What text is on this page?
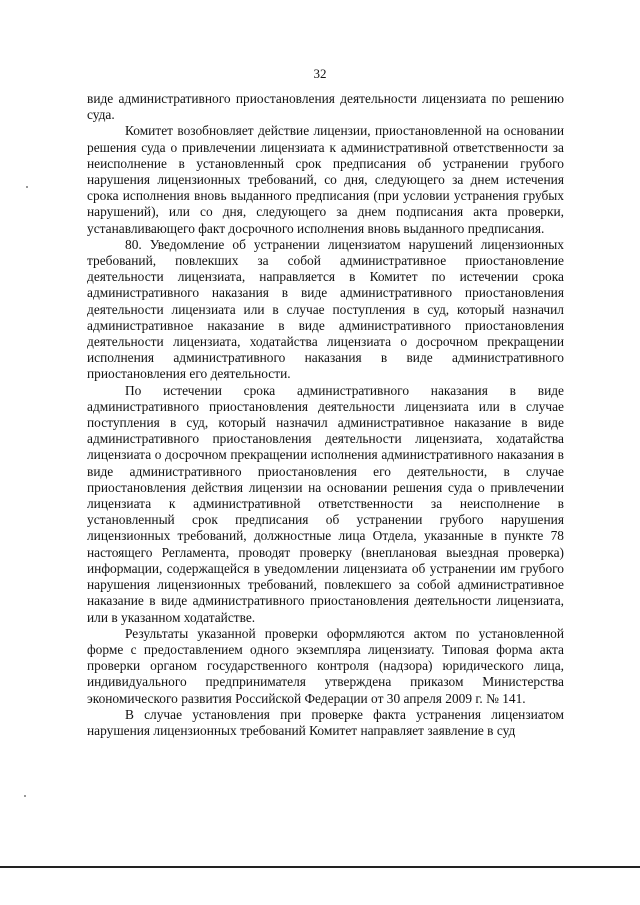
32

виде административного приостановления деятельности лицензиата по решению суда.

Комитет возобновляет действие лицензии, приостановленной на основании решения суда о привлечении лицензиата к административной ответственности за неисполнение в установленный срок предписания об устранении грубого нарушения лицензионных требований, со дня, следующего за днем истечения срока исполнения вновь выданного предписания (при условии устранения грубых нарушений), или со дня, следующего за днем подписания акта проверки, устанавливающего факт досрочного исполнения вновь выданного предписания.

80. Уведомление об устранении лицензиатом нарушений лицензионных требований, повлекших за собой административное приостановление деятельности лицензиата, направляется в Комитет по истечении срока административного наказания в виде административного приостановления деятельности лицензиата или в случае поступления в суд, который назначил административное наказание в виде административного приостановления деятельности лицензиата, ходатайства лицензиата о досрочном прекращении исполнения административного наказания в виде административного приостановления его деятельности.

По истечении срока административного наказания в виде административного приостановления деятельности лицензиата или в случае поступления в суд, который назначил административное наказание в виде административного приостановления деятельности лицензиата, ходатайства лицензиата о досрочном прекращении исполнения административного наказания в виде административного приостановления его деятельности, в случае приостановления действия лицензии на основании решения суда о привлечении лицензиата к административной ответственности за неисполнение в установленный срок предписания об устранении грубого нарушения лицензионных требований, должностные лица Отдела, указанные в пункте 78 настоящего Регламента, проводят проверку (внеплановая выездная проверка) информации, содержащейся в уведомлении лицензиата об устранении им грубого нарушения лицензионных требований, повлекшего за собой административное наказание в виде административного приостановления деятельности лицензиата, или в указанном ходатайстве.

Результаты указанной проверки оформляются актом по установленной форме с предоставлением одного экземпляра лицензиату. Типовая форма акта проверки органом государственного контроля (надзора) юридического лица, индивидуального предпринимателя утверждена приказом Министерства экономического развития Российской Федерации от 30 апреля 2009 г. № 141.

В случае установления при проверке факта устранения лицензиатом нарушения лицензионных требований Комитет направляет заявление в суд
